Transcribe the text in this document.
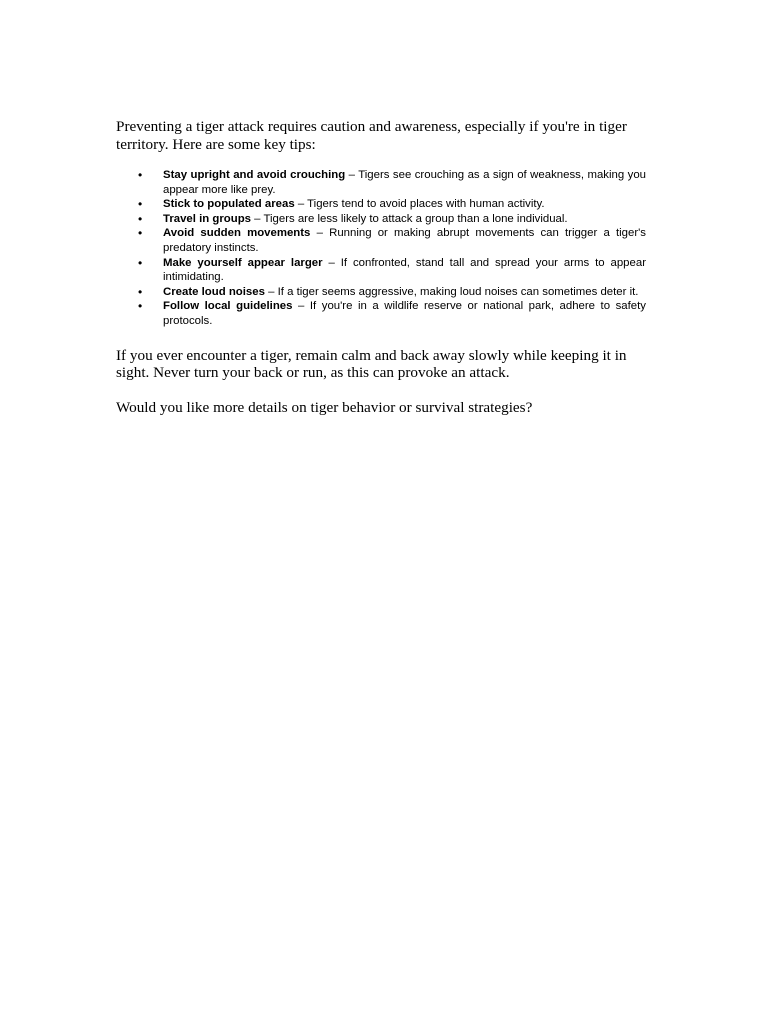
Preventing a tiger attack requires caution and awareness, especially if you're in tiger territory. Here are some key tips:

• Stay upright and avoid crouching – Tigers see crouching as a sign of weakness, making you appear more like prey.
• Stick to populated areas – Tigers tend to avoid places with human activity.
• Travel in groups – Tigers are less likely to attack a group than a lone individual.
• Avoid sudden movements – Running or making abrupt movements can trigger a tiger's predatory instincts.
• Make yourself appear larger – If confronted, stand tall and spread your arms to appear intimidating.
• Create loud noises – If a tiger seems aggressive, making loud noises can sometimes deter it.
• Follow local guidelines – If you're in a wildlife reserve or national park, adhere to safety protocols.

If you ever encounter a tiger, remain calm and back away slowly while keeping it in sight. Never turn your back or run, as this can provoke an attack.

Would you like more details on tiger behavior or survival strategies?
